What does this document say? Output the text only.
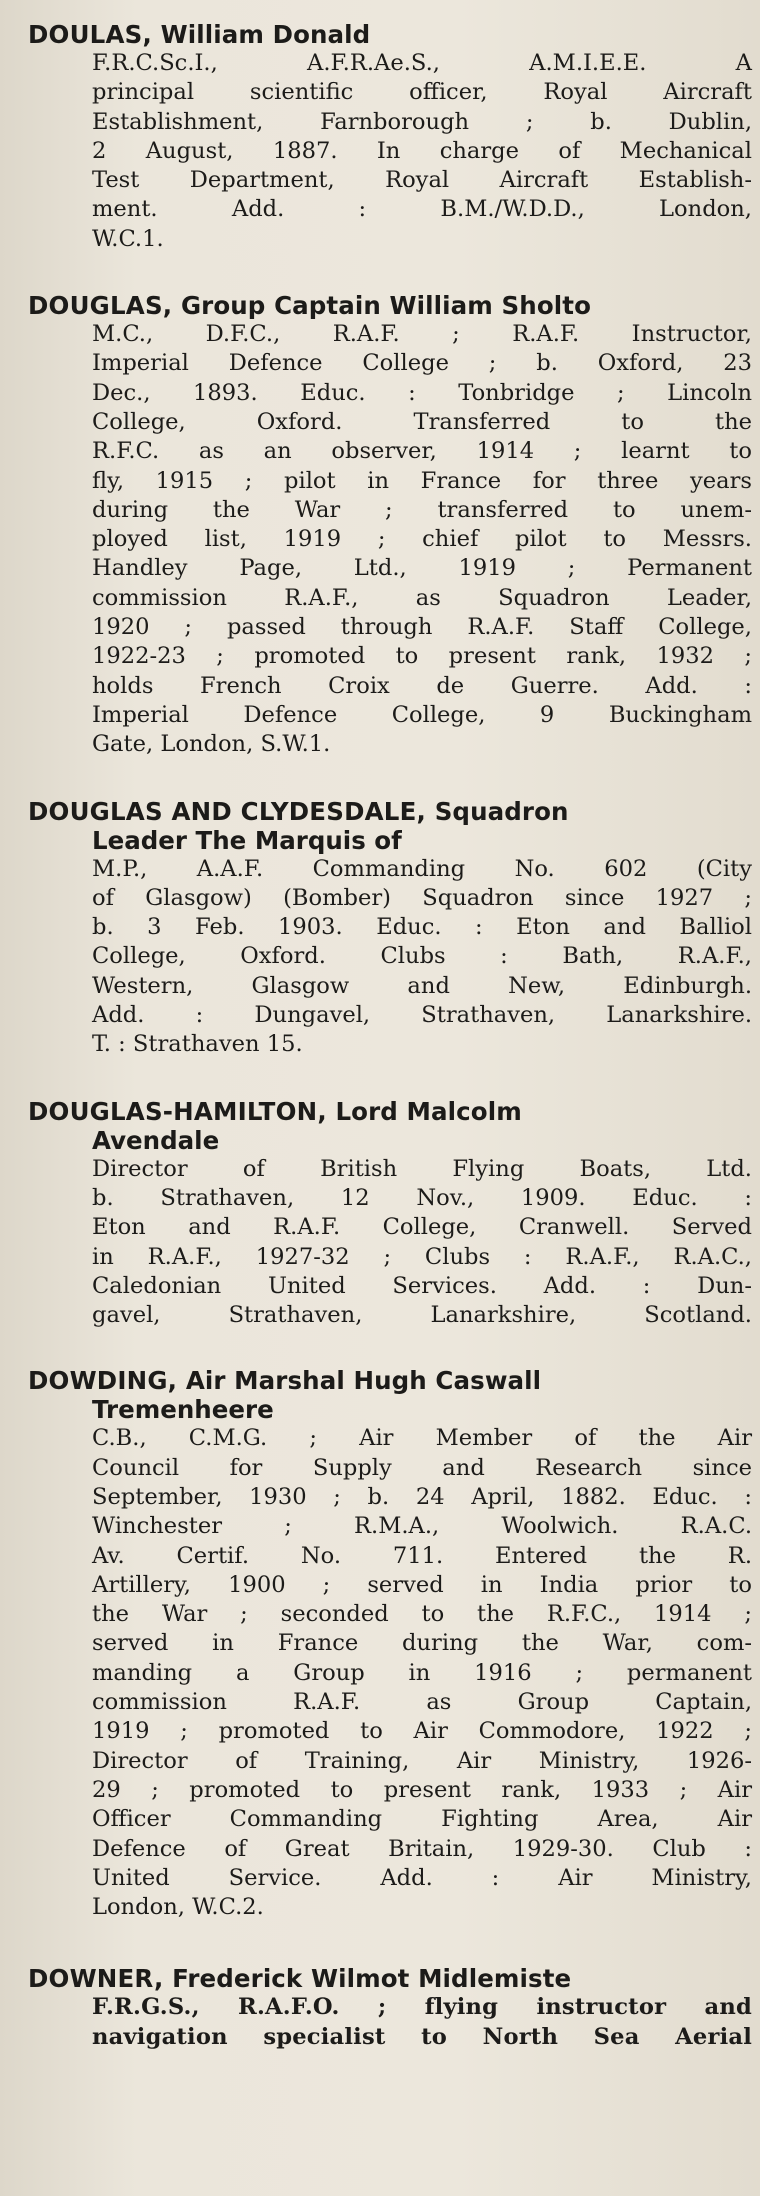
DOULAS, William Donald

F.R.C.Sc.I., A.F.R.Ae.S., A.M.I.E.E. A
principal scientific officer, Royal Aircraft
Establishment, Farnborough ; b. Dublin,
2 August, 1887. In charge of Mechanical
Test Department, Royal Aircraft Establish-
ment. Add. : B.M./W.D.D., London,
W.C.1.

DOUGLAS, Group Captain William Sholto

M.C., D.F.C., R.A.F. ; R.A.F. Instructor,
Imperial Defence College ; b. Oxford, 23
Dec., 1893. Educ. : Tonbridge ; Lincoln
College, Oxford. Transferred to the
R.F.C. as an observer, 1914 ; learnt to
fly, 1915 ; pilot in France for three years
during the War ; transferred to unem-
ployed list, 1919 ; chief pilot to Messrs.
Handley Page, Ltd., 1919 ; Permanent
commission R.A.F., as Squadron Leader,
1920 ; passed through R.A.F. Staff College,
1922-23 ; promoted to present rank, 1932 ;
holds French Croix de Guerre. Add. :
Imperial Defence College, 9 Buckingham
Gate, London, S.W.1.

DOUGLAS AND CLYDESDALE, Squadron

Leader The Marquis of

M.P., A.A.F. Commanding No. 602 (City
of Glasgow) (Bomber) Squadron since 1927 ;
b. 3 Feb. 1903. Educ. : Eton and Balliol
College, Oxford. Clubs : Bath, R.A.F.,
Western, Glasgow and New, Edinburgh.
Add. : Dungavel, Strathaven, Lanarkshire.
T. : Strathaven 15.

DOUGLAS-HAMILTON, Lord Malcolm

Avendale

Director of British Flying Boats, Ltd.
b. Strathaven, 12 Nov., 1909. Educ. :
Eton and R.A.F. College, Cranwell. Served
in R.A.F., 1927-32 ; Clubs : R.A.F., R.A.C.,
Caledonian United Services. Add. : Dun-
gavel, Strathaven, Lanarkshire, Scotland.

DOWDING, Air Marshal Hugh Caswall

Tremenheere

C.B., C.M.G. ; Air Member of the Air
Council for Supply and Research since
September, 1930 ; b. 24 April, 1882. Educ. :
Winchester ; R.M.A., Woolwich. R.A.C.
Av. Certif. No. 711. Entered the R.
Artillery, 1900 ; served in India prior to
the War ; seconded to the R.F.C., 1914 ;
served in France during the War, com-
manding a Group in 1916 ; permanent
commission R.A.F. as Group Captain,
1919 ; promoted to Air Commodore, 1922 ;
Director of Training, Air Ministry, 1926-
29 ; promoted to present rank, 1933 ; Air
Officer Commanding Fighting Area, Air
Defence of Great Britain, 1929-30. Club :
United Service. Add. : Air Ministry,
London, W.C.2.

DOWNER, Frederick Wilmot Midlemiste

F.R.G.S., R.A.F.O. ; flying instructor and
navigation specialist to North Sea Aerial
